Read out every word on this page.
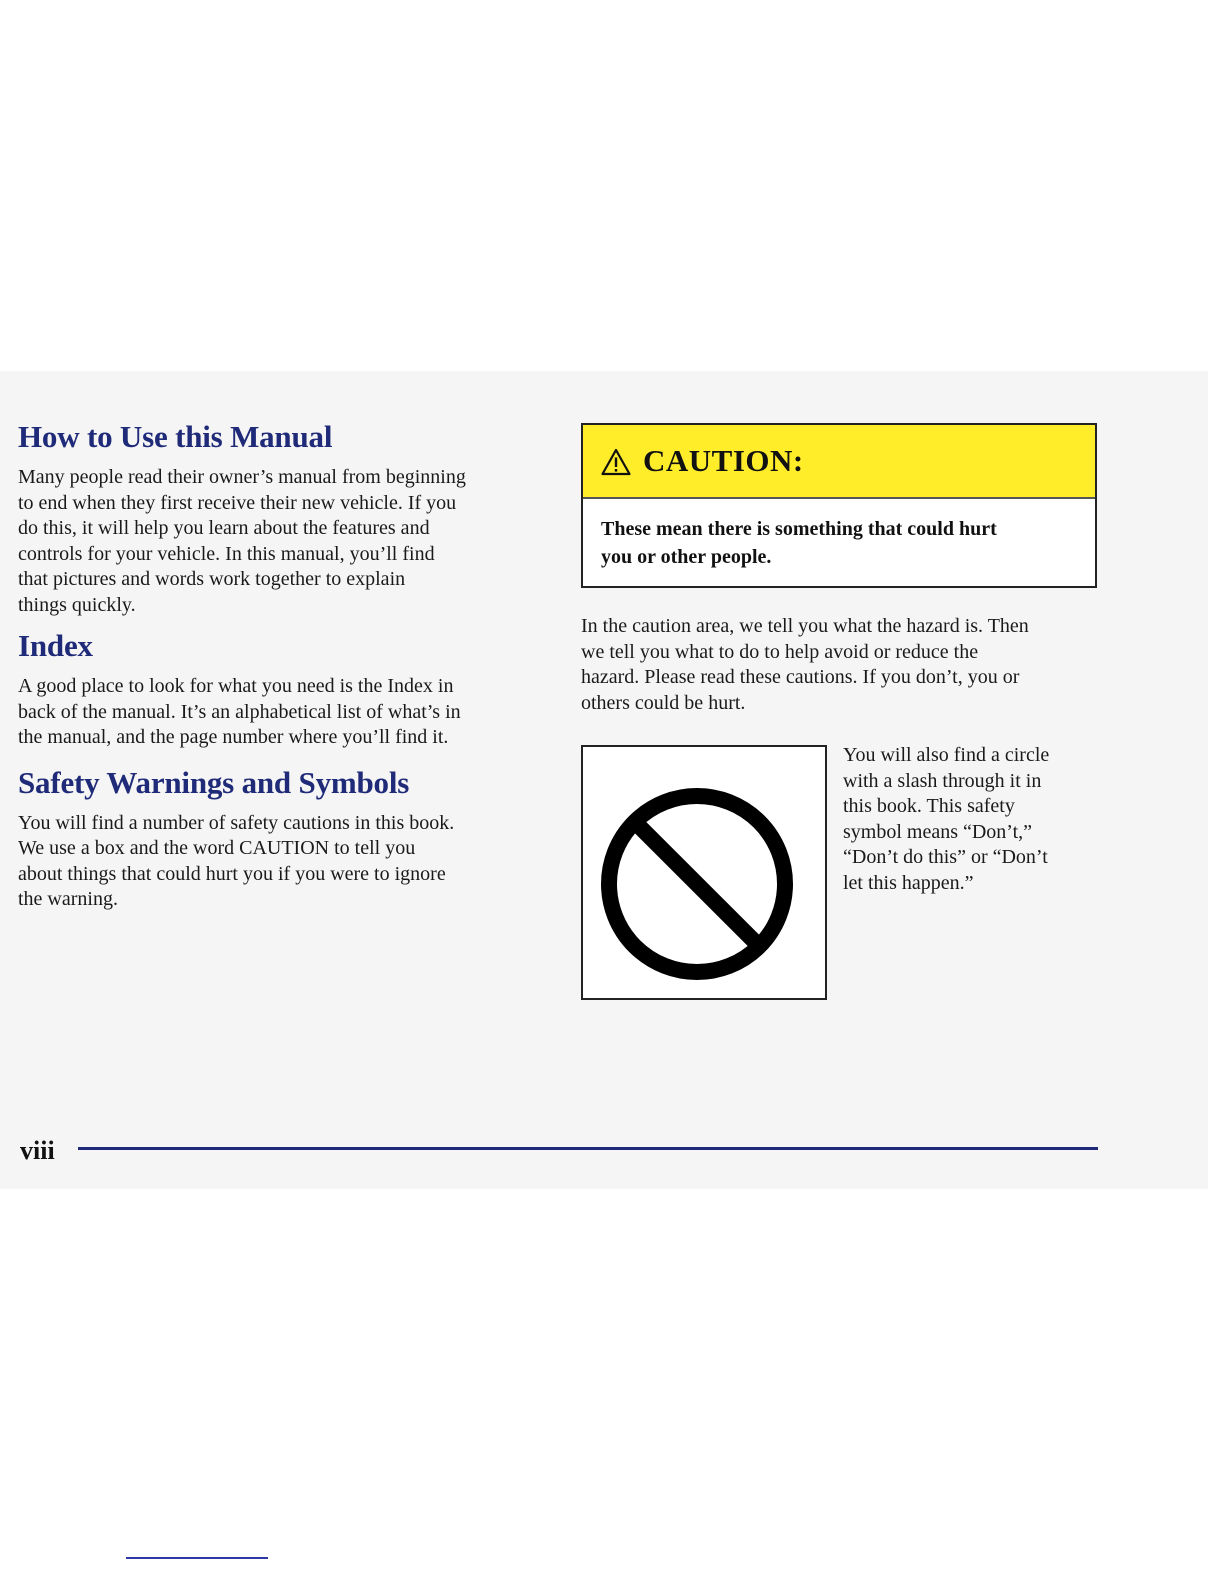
How to Use this Manual

Many people read their owner’s manual from beginning
to end when they first receive their new vehicle. If you
do this, it will help you learn about the features and
controls for your vehicle. In this manual, you’ll find
that pictures and words work together to explain
things quickly.

Index

A good place to look for what you need is the Index in
back of the manual. It’s an alphabetical list of what’s in
the manual, and the page number where you’ll find it.

Safety Warnings and Symbols

You will find a number of safety cautions in this book.
We use a box and the word CAUTION to tell you
about things that could hurt you if you were to ignore
the warning.

CAUTION:
These mean there is something that could hurt
you or other people.

In the caution area, we tell you what the hazard is. Then
we tell you what to do to help avoid or reduce the
hazard. Please read these cautions. If you don’t, you or
others could be hurt.

You will also find a circle
with a slash through it in
this book. This safety
symbol means “Don’t,”
“Don’t do this” or “Don’t
let this happen.”

viii
